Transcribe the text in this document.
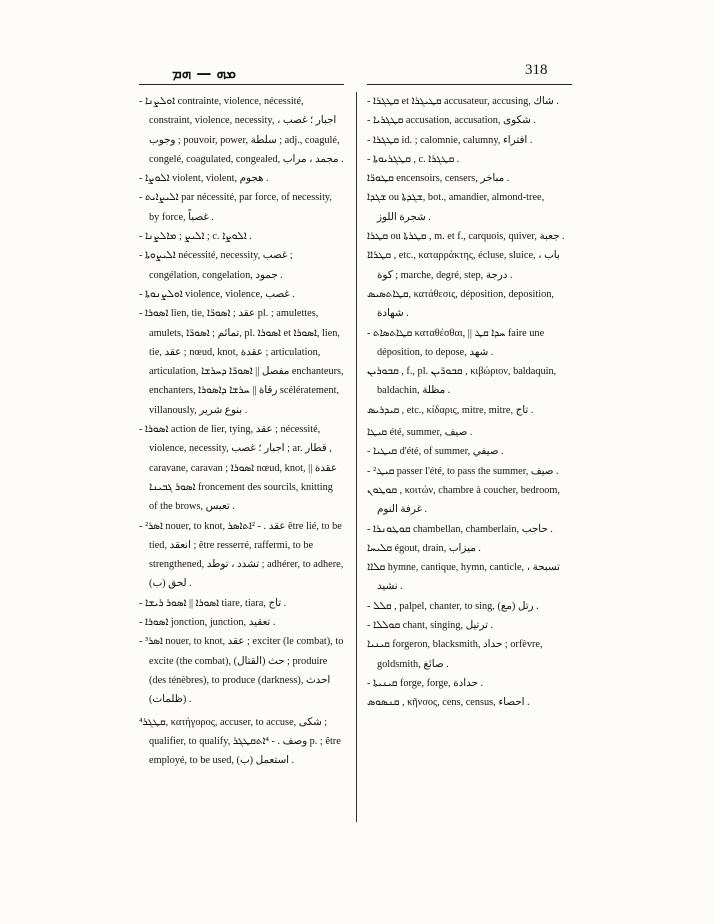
ܡܗ — ܗܡ	318

- ܐܘܠܨܢܐ contrainte, violence, nécessité, constraint, violence, necessity, اجبار ؛ غصب ، وجوب ; pouvoir, power, سلطة ; adj., coagulé, congelé, coagulated, congealed, مجمد ، مراب .

- ܐܠܘܨܐ violent, violent, هجوم .

- ܐܠܝܨܐܝܬ par nécessité, par force, of necessity, by force, غصباً .

- ܐܠܝܨ ; ܡܐܠܨܢܐ ; c. ܐܠܘܨܐ .

- ܐܠܝܨܘܬܐ nécessité, necessity, غصب ; congélation, congelation, جمود .

- ܐܘܠܨܢܘܬܐ violence, violence, غصب .

- ܐܣܘܪܐ lien, tie, عقد ; ܐܣܘܪ̈ܐ pl. ; amulettes, amulets, تمائم ; ܐܣܘܪ̈ܐ, pl. ܐܣܘܪܐ et ܐܣܘܪܐ, lien, tie, عقد ; nœud, knot, عقدة ; articulation, articulation, مفصل || ܐܣܘܪ̈ܐ ܕܚܪܫܐ enchanteurs, enchanters, رقاة || ܚܪܫܐ ܕܐܣܘܪܐ scélératement, villanously, بنوع شرير .

- ܐܣܘܪܐ action de lier, tying, عقد ; nécessité, violence, necessity, اجبار ؛ غصب ; ar. قطار , caravane, caravan ; ܐܣܘܪܐ nœud, knot, عقدة || ܐܣܘܪ ܓܒܝܢܐ froncement des sourcils, knitting of the brows, تعبس .

- ²ܐܣܪ nouer, to knot, عقد . - ²ܐܬܐܣܪ être lié, to be tied, انعقد ; être resserré, raffermi, to be strengthened, تشدد ، توطد ; adhérer, to adhere, (ب) لحق .

- ܐܣܘܪܐ || ܐܣܘܪ ܪܝܫܐ tiare, tiara, تاج .

- ܐܣܘܪܐ jonction, junction, تعقيد .

- ³ܐܣܪ nouer, to knot, عقد ; exciter (le combat), to excite (the combat), حث (القتال) ; produire (des ténèbres), to produce (darkness), احدث (ظلمات) .

⁴ܩܛܓܪ, κατήγορος, accuser, to accuse, شكى ; qualifier, to qualify, وصف . - ⁴ܐܬܩܛܓܪ p. ; être employé, to be used, (ب) استعمل .

- ܩܛܓܪܐ et ܩܛܝܓܪܐ accusateur, accusing, شاك .

- ܩܛܓܪܝܐ accusation, accusation, شكوى .

- ܩܛܓܪܐ id. ; calomnie, calumny, افتراء .

- ܩܛܓܪܝܘܬܐ , c. ܩܛܓܪܐ .

ܩܛܘܪ̈ܐ encensoirs, censers, مباخر .

ܫܓܕܐ ou ܫܓܕܬܐ, bot., amandier, almond-tree, شجرة اللوز .

ܩܛܪܐ ou ܩܛܪܬܐ , m. et f., carquois, quiver, جعبة .

ܩܛܪܐܐ , etc., καταρράκτης, écluse, sluice, باب ، كوة ; marche, degré, step, درجة .

ܩܛܐܬܣܝܣ, κατάθεσις, déposition, deposition, شهادة .

- ܩܛܐܬܣܐܬ καταθέσθαι, || ܚܕܐ ܩܛ faire une déposition, to depose, شهد .

ܩܒܘܪܝܢ , f., pl. ܩܒܘܪ̈ܝܢ , κιβώριον, baldaquin, baldachin, مظلة .

ܩܝܕܪܝܣ , etc., κίδαρις, mitre, mitre, تاج .

ܩܝܛܐ été, summer, صيف .

- ܩܝܛܝܐ d'été, of summer, صيفي .

- ²ܩܝܛ passer l'été, to pass the summer, صيف .

ܩܘܛܘܢ , κοιτών, chambre à coucher, bedroom, غرفة النوم .

- ܩܘܛܘܢܪܐ chambellan, chamberlain, حاجب .

ܩܠܝܚܐ égout, drain, ميزاب .

ܩܠܐܐ hymne, cantique, hymn, canticle, تسبحة ، نشيد .

- ܩܠܠ , palpel, chanter, to sing, رتل (مع) .

- ܩܘܠܠܐ chant, singing, ترتيل .

ܩܝܢܝܐ forgeron, blacksmith, حداد ; orfèvre, goldsmith, صائغ .

- ܩܝܢܝܬܐ forge, forge, حدادة .

ܩܢܣܘܣ , κῆνσος, cens, census, احصاء .
